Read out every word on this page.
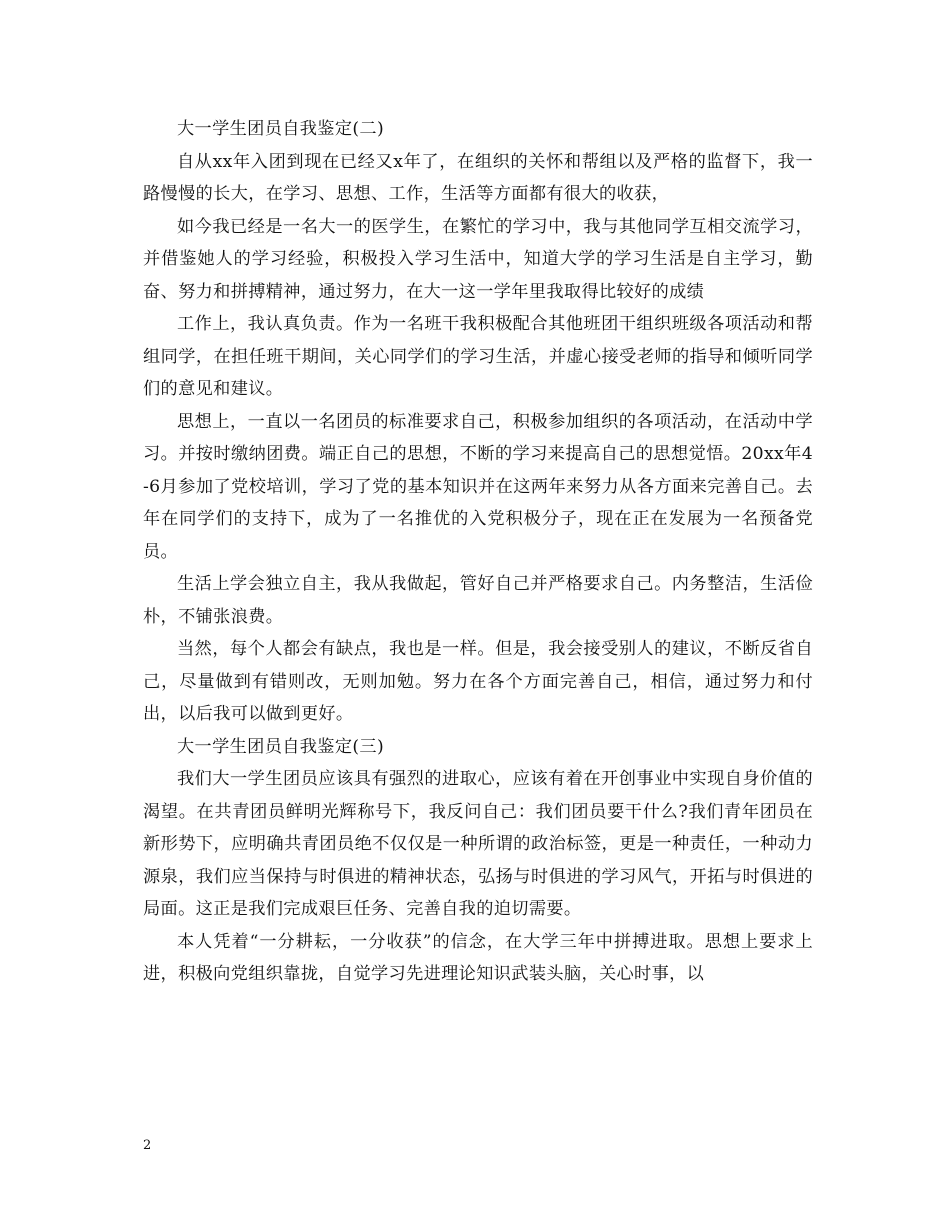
大一学生团员自我鉴定(二)

自从xx年入团到现在已经又x年了，在组织的关怀和帮组以及严格的监督下，我一路慢慢的长大，在学习、思想、工作，生活等方面都有很大的收获，

如今我已经是一名大一的医学生，在繁忙的学习中，我与其他同学互相交流学习，并借鉴她人的学习经验，积极投入学习生活中，知道大学的学习生活是自主学习，勤奋、努力和拼搏精神，通过努力，在大一这一学年里我取得比较好的成绩

工作上，我认真负责。作为一名班干我积极配合其他班团干组织班级各项活动和帮组同学，在担任班干期间，关心同学们的学习生活，并虚心接受老师的指导和倾听同学们的意见和建议。

思想上，一直以一名团员的标准要求自己，积极参加组织的各项活动，在活动中学习。并按时缴纳团费。端正自己的思想，不断的学习来提高自己的思想觉悟。20xx年4-6月参加了党校培训，学习了党的基本知识并在这两年来努力从各方面来完善自己。去年在同学们的支持下，成为了一名推优的入党积极分子，现在正在发展为一名预备党员。

生活上学会独立自主，我从我做起，管好自己并严格要求自己。内务整洁，生活俭朴，不铺张浪费。

当然，每个人都会有缺点，我也是一样。但是，我会接受别人的建议，不断反省自己，尽量做到有错则改，无则加勉。努力在各个方面完善自己，相信，通过努力和付出，以后我可以做到更好。

大一学生团员自我鉴定(三)

我们大一学生团员应该具有强烈的进取心，应该有着在开创事业中实现自身价值的渴望。在共青团员鲜明光辉称号下，我反问自己：我们团员要干什么?我们青年团员在新形势下，应明确共青团员绝不仅仅是一种所谓的政治标签，更是一种责任，一种动力源泉，我们应当保持与时俱进的精神状态，弘扬与时俱进的学习风气，开拓与时俱进的局面。这正是我们完成艰巨任务、完善自我的迫切需要。

本人凭着“一分耕耘，一分收获”的信念，在大学三年中拼搏进取。思想上要求上进，积极向党组织靠拢，自觉学习先进理论知识武装头脑，关心时事，以

2
